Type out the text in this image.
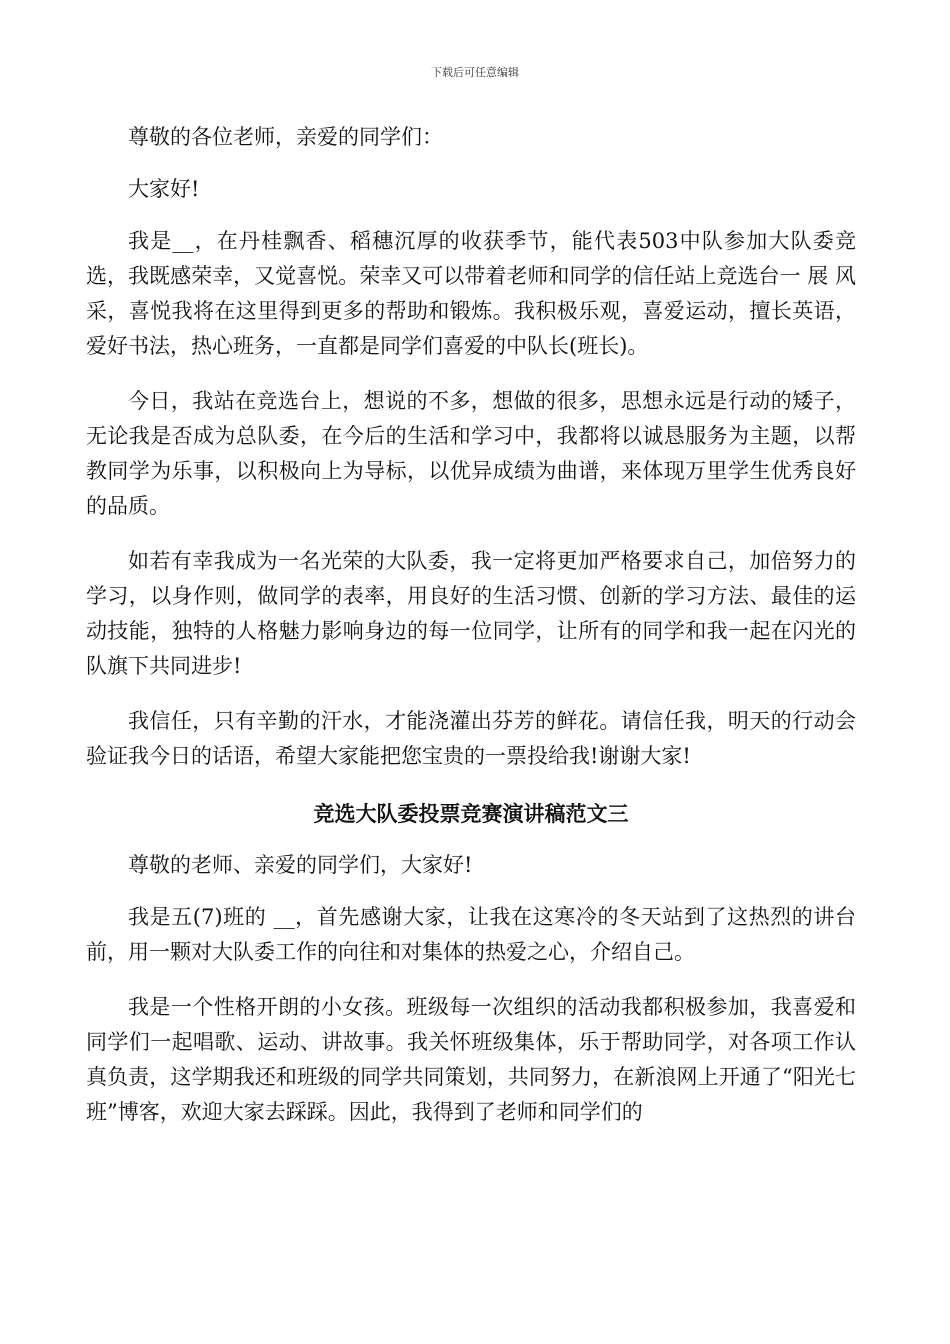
下载后可任意编辑

尊敬的各位老师，亲爱的同学们：

大家好!

我是__，在丹桂飘香、稻穗沉厚的收获季节，能代表503中队参加大队委竞选，我既感荣幸，又觉喜悦。荣幸又可以带着老师和同学的信任站上竞选台一 展 风采，喜悦我将在这里得到更多的帮助和锻炼。我积极乐观，喜爱运动，擅长英语，爱好书法，热心班务，一直都是同学们喜爱的中队长(班长)。

今日，我站在竞选台上，想说的不多，想做的很多，思想永远是行动的矮子，无论我是否成为总队委，在今后的生活和学习中，我都将以诚恳服务为主题，以帮教同学为乐事，以积极向上为导标，以优异成绩为曲谱，来体现万里学生优秀良好的品质。

如若有幸我成为一名光荣的大队委，我一定将更加严格要求自己，加倍努力的学习，以身作则，做同学的表率，用良好的生活习惯、创新的学习方法、最佳的运动技能，独特的人格魅力影响身边的每一位同学，让所有的同学和我一起在闪光的队旗下共同进步!

我信任，只有辛勤的汗水，才能浇灌出芬芳的鲜花。请信任我，明天的行动会验证我今日的话语，希望大家能把您宝贵的一票投给我!谢谢大家!

竞选大队委投票竞赛演讲稿范文三

尊敬的老师、亲爱的同学们，大家好!

我是五(7)班的 __，首先感谢大家，让我在这寒冷的冬天站到了这热烈的讲台前，用一颗对大队委工作的向往和对集体的热爱之心，介绍自己。

我是一个性格开朗的小女孩。班级每一次组织的活动我都积极参加，我喜爱和同学们一起唱歌、运动、讲故事。我关怀班级集体，乐于帮助同学，对各项工作认真负责，这学期我还和班级的同学共同策划，共同努力，在新浪网上开通了“阳光七班”博客，欢迎大家去踩踩。因此，我得到了老师和同学们的
